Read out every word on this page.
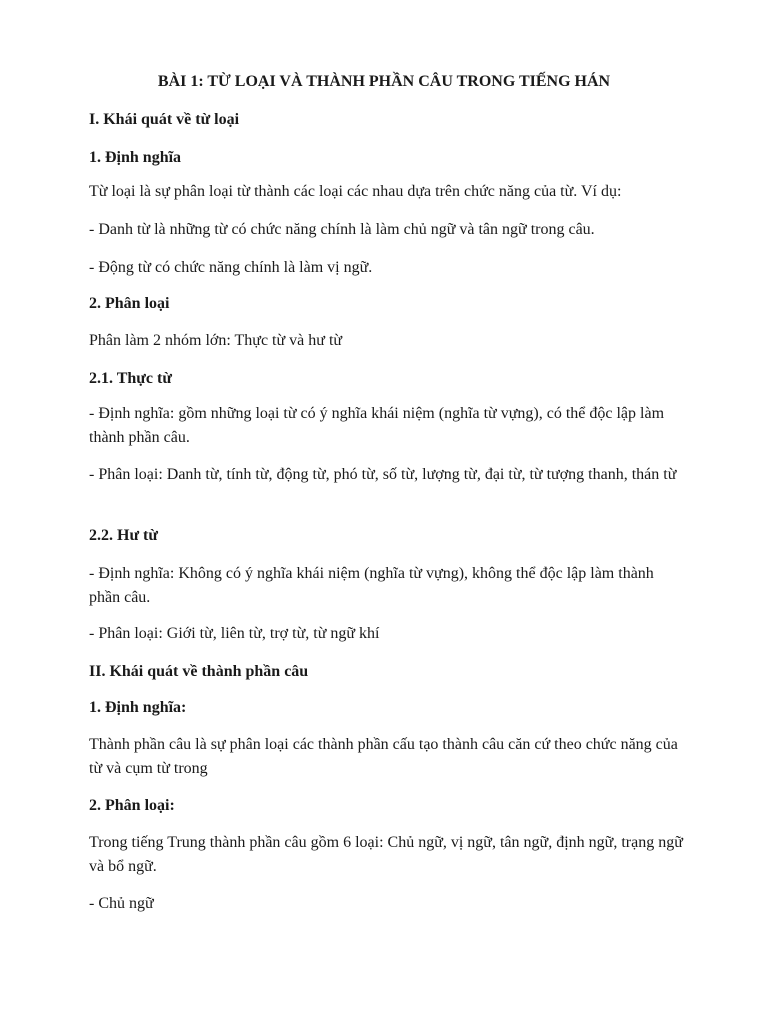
BÀI 1: TỪ LOẠI VÀ THÀNH PHẦN CÂU TRONG TIẾNG HÁN

I. Khái quát về từ loại

1. Định nghĩa

Từ loại là sự phân loại từ thành các loại các nhau dựa trên chức năng của từ. Ví dụ:

- Danh từ là những từ có chức năng chính là làm chủ ngữ và tân ngữ trong câu.

- Động từ có chức năng chính là làm vị ngữ.

2. Phân loại

Phân làm 2 nhóm lớn: Thực từ và hư từ

2.1. Thực từ

- Định nghĩa: gồm những loại từ có ý nghĩa khái niệm (nghĩa từ vựng), có thể độc lập làm thành phần câu.

- Phân loại: Danh từ, tính từ, động từ, phó từ, số từ, lượng từ, đại từ, từ tượng thanh, thán từ

2.2. Hư từ

- Định nghĩa: Không có ý nghĩa khái niệm (nghĩa từ vựng), không thể độc lập làm thành phần câu.

- Phân loại: Giới từ, liên từ, trợ từ, từ ngữ khí

II. Khái quát về thành phần câu

1. Định nghĩa:

Thành phần câu là sự phân loại các thành phần cấu tạo thành câu căn cứ theo chức năng của từ và cụm từ trong

2. Phân loại:

Trong tiếng Trung thành phần câu gồm 6 loại: Chủ ngữ, vị ngữ, tân ngữ, định ngữ, trạng ngữ và bổ ngữ.

- Chủ ngữ
